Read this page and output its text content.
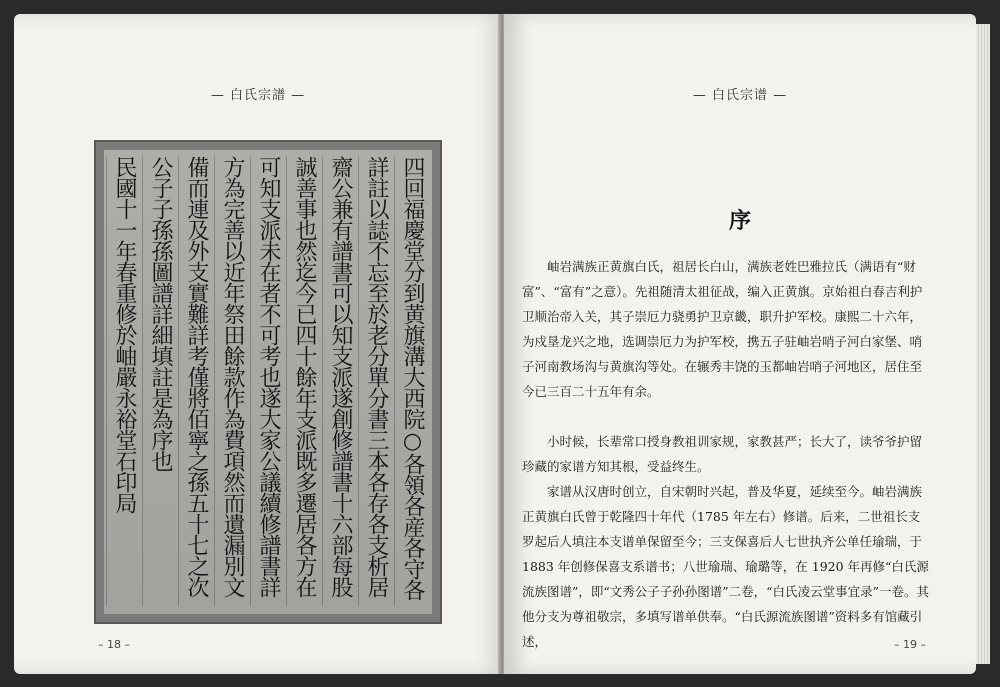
— 白氏宗譜 —
四回福慶堂分到黄旗溝大西院○各領各産各守各
詳註以誌不忘至於老分單分書三本各存各支析居
齋公兼有譜書可以知支派遂創修譜書十六部每股
誠善事也然迄今已四十餘年支派既多遷居各方在
可知支派未在者不可考也遂大家公議續修譜書詳
方為完善以近年祭田餘款作為費項然而遺漏別文
備而連及外支實難詳考僅將佰寧之孫五十七之次
公子子孫孫圖譜詳細填註是為序也
民國十一年春重修於岫嚴永裕堂石印局
– 18 –
— 白氏宗谱 —
序
岫岩满族正黄旗白氏，祖居长白山，满族老姓巴雅拉氏（满语有“财富”、“富有”之意）。先祖随清太祖征战，编入正黄旗。京始祖白春吉利护卫顺治帝入关，其子崇厄力骁勇护卫京畿，职升护军校。康熙二十六年，为戍垦龙兴之地，选调崇厄力为护军校，携五子驻岫岩哨子河白家堡、哨子河南教场沟与黄旗沟等处。在辗秀丰饶的玉都岫岩哨子河地区，居住至今已三百二十五年有余。
小时候，长辈常口授身教祖训家规，家教甚严；长大了，读爷爷护留珍藏的家谱方知其根，受益终生。
家谱从汉唐时创立，自宋朝时兴起，普及华夏，延续至今。岫岩满族正黄旗白氏曾于乾隆四十年代（1785 年左右）修谱。后来，二世祖长支罗起后人填注本支谱单保留至今；三支保喜后人七世执齐公单任瑜瑞，于 1883 年创修保喜支系谱书；八世瑜瑞、瑜璐等，在 1920 年再修“白氏源流族图谱”，即“文秀公子子孙孙图谱”二卷，“白氏凌云堂事宜录”一卷。其他分支为尊祖敬宗，多填写谱单供奉。“白氏源流族图谱”资料多有馆藏引述，	– 19 –
